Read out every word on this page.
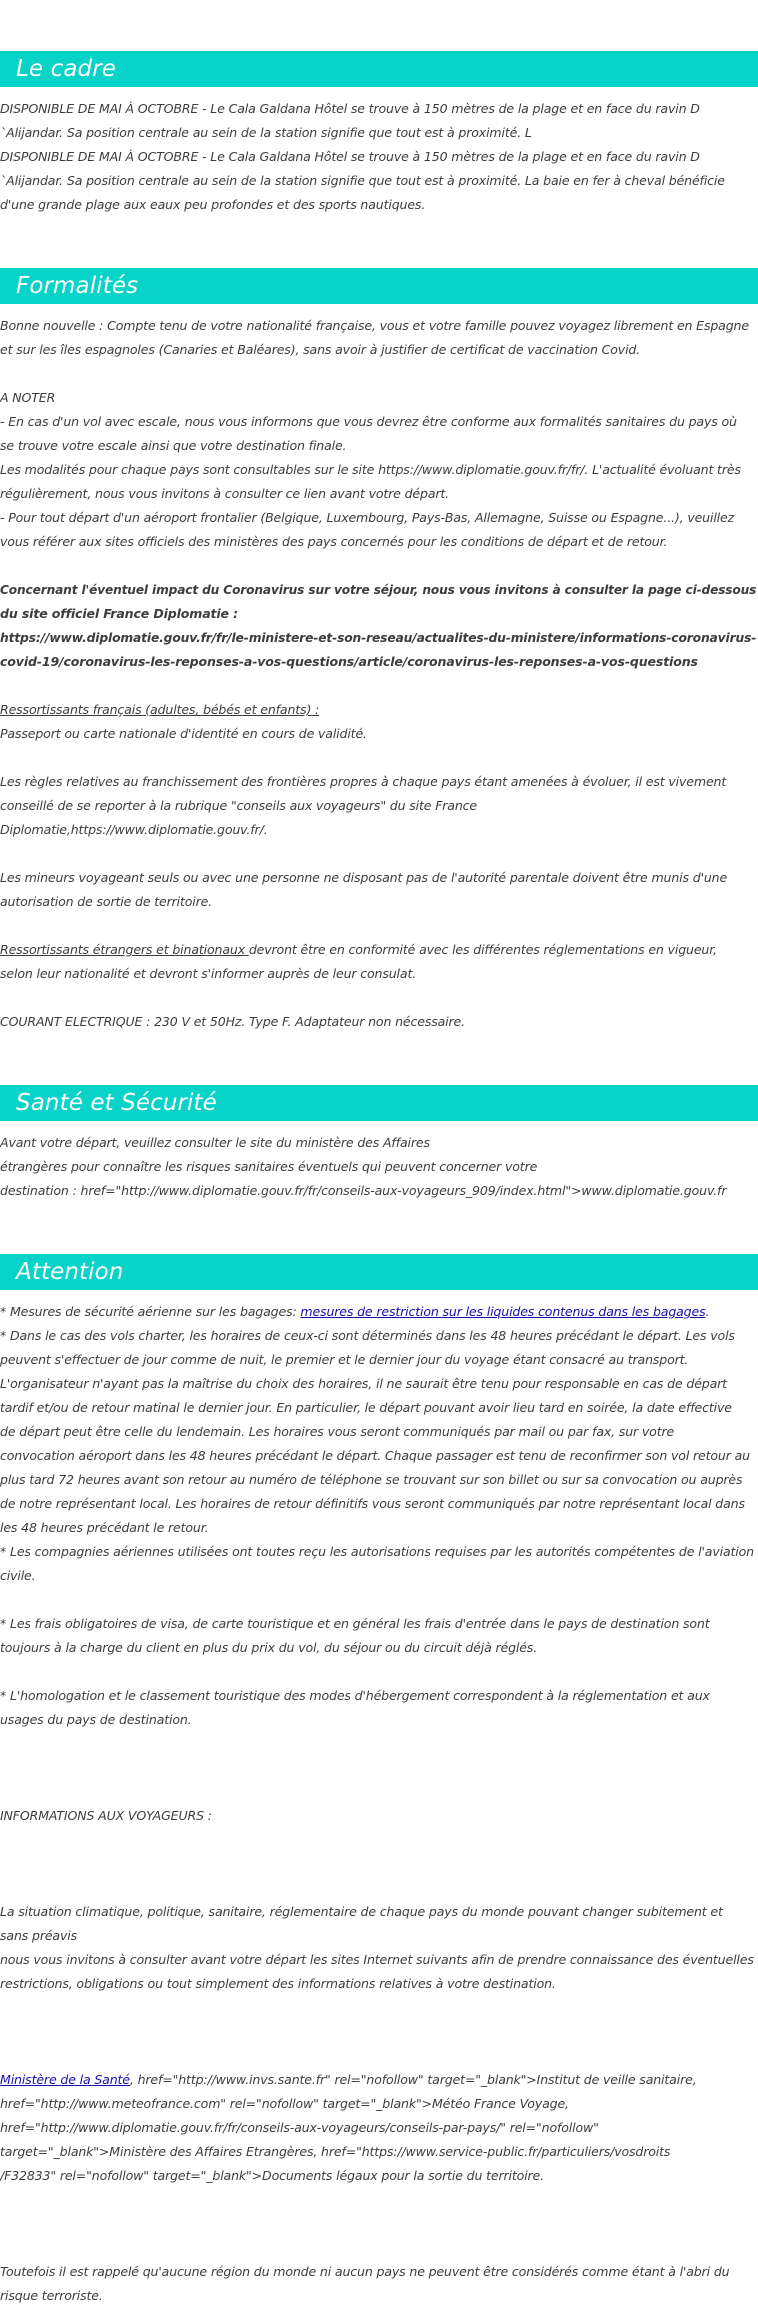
Le cadre
DISPONIBLE DE MAI À OCTOBRE - Le Cala Galdana Hôtel se trouve à 150 mètres de la plage et en face du ravin D
`Alijandar. Sa position centrale au sein de la station signifie que tout est à proximité. L
DISPONIBLE DE MAI À OCTOBRE - Le Cala Galdana Hôtel se trouve à 150 mètres de la plage et en face du ravin D
`Alijandar. Sa position centrale au sein de la station signifie que tout est à proximité. La baie en fer à cheval bénéficie
d'une grande plage aux eaux peu profondes et des sports nautiques.
Formalités
Bonne nouvelle : Compte tenu de votre nationalité française, vous et votre famille pouvez voyagez librement en Espagne
et sur les îles espagnoles (Canaries et Baléares), sans avoir à justifier de certificat de vaccination Covid.
A NOTER
- En cas d'un vol avec escale, nous vous informons que vous devrez être conforme aux formalités sanitaires du pays où
se trouve votre escale ainsi que votre destination finale.
Les modalités pour chaque pays sont consultables sur le site https://www.diplomatie.gouv.fr/fr/. L'actualité évoluant très
régulièrement, nous vous invitons à consulter ce lien avant votre départ.
- Pour tout départ d'un aéroport frontalier (Belgique, Luxembourg, Pays-Bas, Allemagne, Suisse ou Espagne...), veuillez
vous référer aux sites officiels des ministères des pays concernés pour les conditions de départ et de retour.
Concernant l'éventuel impact du Coronavirus sur votre séjour, nous vous invitons à consulter la page ci-dessous
du site officiel France Diplomatie :
https://www.diplomatie.gouv.fr/fr/le-ministere-et-son-reseau/actualites-du-ministere/informations-coronavirus-
covid-19/coronavirus-les-reponses-a-vos-questions/article/coronavirus-les-reponses-a-vos-questions
Ressortissants français (adultes, bébés et enfants) :
Passeport ou carte nationale d'identité en cours de validité.
Les règles relatives au franchissement des frontières propres à chaque pays étant amenées à évoluer, il est vivement
conseillé de se reporter à la rubrique "conseils aux voyageurs" du site France
Diplomatie,https://www.diplomatie.gouv.fr/.
Les mineurs voyageant seuls ou avec une personne ne disposant pas de l'autorité parentale doivent être munis d'une
autorisation de sortie de territoire.
Ressortissants étrangers et binationaux devront être en conformité avec les différentes réglementations en vigueur,
selon leur nationalité et devront s'informer auprès de leur consulat.
COURANT ELECTRIQUE : 230 V et 50Hz. Type F. Adaptateur non nécessaire.
Santé et Sécurité
Avant votre départ, veuillez consulter le site du ministère des Affaires
étrangères pour connaître les risques sanitaires éventuels qui peuvent concerner votre
destination : href="http://www.diplomatie.gouv.fr/fr/conseils-aux-voyageurs_909/index.html">www.diplomatie.gouv.fr
Attention
* Mesures de sécurité aérienne sur les bagages: mesures de restriction sur les liquides contenus dans les bagages.
* Dans le cas des vols charter, les horaires de ceux-ci sont déterminés dans les 48 heures précédant le départ. Les vols
peuvent s'effectuer de jour comme de nuit, le premier et le dernier jour du voyage étant consacré au transport.
L'organisateur n'ayant pas la maîtrise du choix des horaires, il ne saurait être tenu pour responsable en cas de départ
tardif et/ou de retour matinal le dernier jour. En particulier, le départ pouvant avoir lieu tard en soirée, la date effective
de départ peut être celle du lendemain. Les horaires vous seront communiqués par mail ou par fax, sur votre
convocation aéroport dans les 48 heures précédant le départ. Chaque passager est tenu de reconfirmer son vol retour au
plus tard 72 heures avant son retour au numéro de téléphone se trouvant sur son billet ou sur sa convocation ou auprès
de notre représentant local. Les horaires de retour définitifs vous seront communiqués par notre représentant local dans
les 48 heures précédant le retour.
* Les compagnies aériennes utilisées ont toutes reçu les autorisations requises par les autorités compétentes de l'aviation
civile.
* Les frais obligatoires de visa, de carte touristique et en général les frais d'entrée dans le pays de destination sont
toujours à la charge du client en plus du prix du vol, du séjour ou du circuit déjà réglés.
* L'homologation et le classement touristique des modes d'hébergement correspondent à la réglementation et aux
usages du pays de destination.
INFORMATIONS AUX VOYAGEURS :
La situation climatique, politique, sanitaire, réglementaire de chaque pays du monde pouvant changer subitement et
sans préavis
nous vous invitons à consulter avant votre départ les sites Internet suivants afin de prendre connaissance des éventuelles
restrictions, obligations ou tout simplement des informations relatives à votre destination.
Ministère de la Santé, href="http://www.invs.sante.fr" rel="nofollow" target="_blank">Institut de veille sanitaire,
href="http://www.meteofrance.com" rel="nofollow" target="_blank">Météo France Voyage,
href="http://www.diplomatie.gouv.fr/fr/conseils-aux-voyageurs/conseils-par-pays/" rel="nofollow"
target="_blank">Ministère des Affaires Etrangères, href="https://www.service-public.fr/particuliers/vosdroits
/F32833" rel="nofollow" target="_blank">Documents légaux pour la sortie du territoire.
Toutefois il est rappelé qu'aucune région du monde ni aucun pays ne peuvent être considérés comme étant à l'abri du
risque terroriste.
